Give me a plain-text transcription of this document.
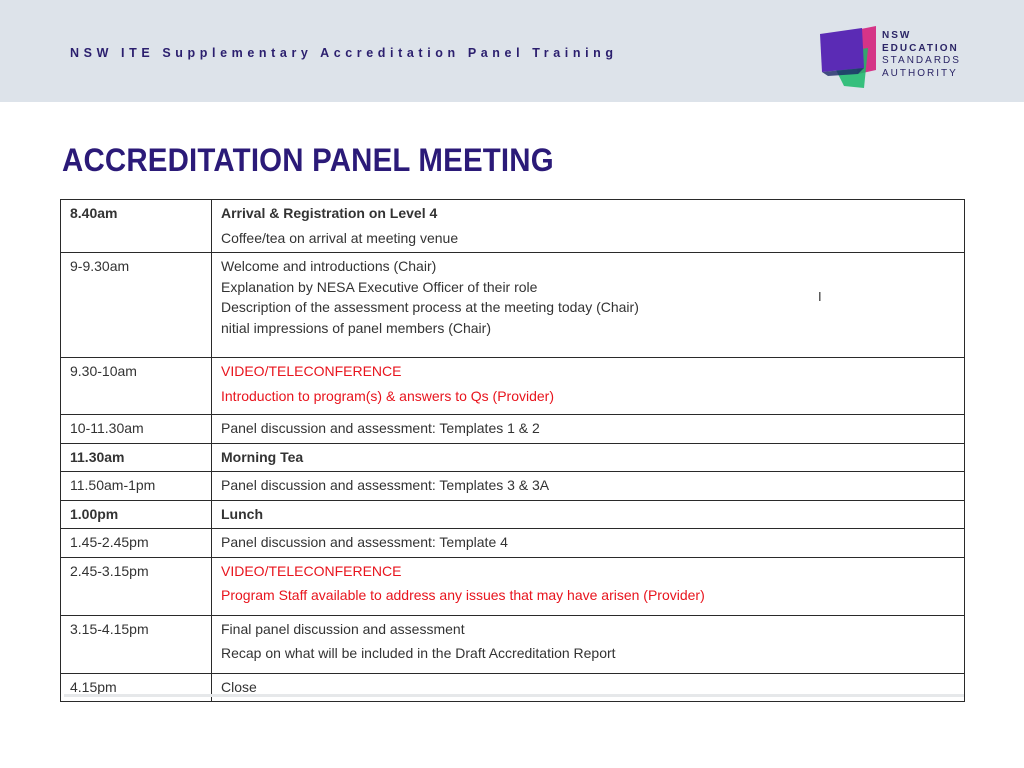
NSW ITE Supplementary Accreditation Panel Training
NSW
EDUCATION
STANDARDS
AUTHORITY
ACCREDITATION PANEL MEETING
8.40am	Arrival & Registration on Level 4
Coffee/tea on arrival at meeting venue

9-9.30am	Welcome and introductions (Chair)
Explanation by NESA Executive Officer of their role
Description of the assessment process at the meeting today (Chair)
nitial impressions of panel members (Chair)

9.30-10am	VIDEO/TELECONFERENCE
Introduction to program(s) & answers to Qs (Provider)

10-11.30am	Panel discussion and assessment: Templates 1 & 2

11.30am	Morning Tea

11.50am-1pm	Panel discussion and assessment: Templates 3 & 3A

1.00pm	Lunch

1.45-2.45pm	Panel discussion and assessment: Template 4

2.45-3.15pm	VIDEO/TELECONFERENCE
Program Staff available to address any issues that may have arisen (Provider)

3.15-4.15pm	Final panel discussion and assessment
Recap on what will be included in the Draft Accreditation Report

4.15pm	Close
I
